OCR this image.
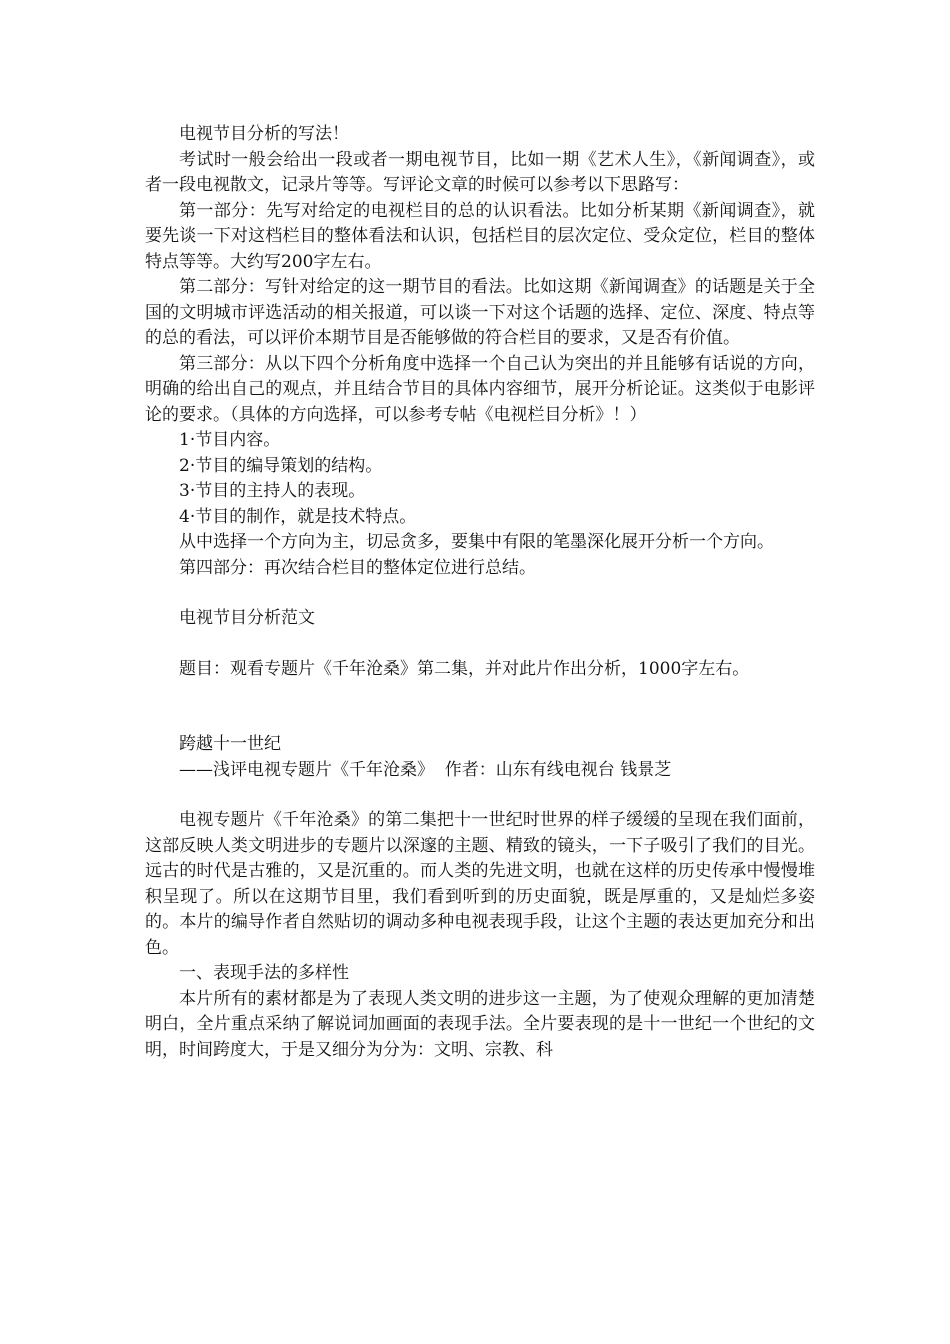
电视节目分析的写法！

考试时一般会给出一段或者一期电视节目，比如一期《艺术人生》，《新闻调查》，或者一段电视散文，记录片等等。写评论文章的时候可以参考以下思路写：

第一部分：先写对给定的电视栏目的总的认识看法。比如分析某期《新闻调查》，就要先谈一下对这档栏目的整体看法和认识，包括栏目的层次定位、受众定位，栏目的整体特点等等。大约写200字左右。

第二部分：写针对给定的这一期节目的看法。比如这期《新闻调查》的话题是关于全国的文明城市评选活动的相关报道，可以谈一下对这个话题的选择、定位、深度、特点等的总的看法，可以评价本期节目是否能够做的符合栏目的要求，又是否有价值。

第三部分：从以下四个分析角度中选择一个自己认为突出的并且能够有话说的方向，明确的给出自己的观点，并且结合节目的具体内容细节，展开分析论证。这类似于电影评论的要求。（具体的方向选择，可以参考专帖《电视栏目分析》！）

1·节目内容。

2·节目的编导策划的结构。

3·节目的主持人的表现。

4·节目的制作，就是技术特点。

从中选择一个方向为主，切忌贪多，要集中有限的笔墨深化展开分析一个方向。

第四部分：再次结合栏目的整体定位进行总结。

电视节目分析范文

题目：观看专题片《千年沧桑》第二集，并对此片作出分析，1000字左右。

跨越十一世纪

——浅评电视专题片《千年沧桑》  作者：山东有线电视台 钱景芝

电视专题片《千年沧桑》的第二集把十一世纪时世界的样子缓缓的呈现在我们面前，这部反映人类文明进步的专题片以深邃的主题、精致的镜头，一下子吸引了我们的目光。远古的时代是古雅的，又是沉重的。而人类的先进文明，也就在这样的历史传承中慢慢堆积呈现了。所以在这期节目里，我们看到听到的历史面貌，既是厚重的，又是灿烂多姿的。本片的编导作者自然贴切的调动多种电视表现手段，让这个主题的表达更加充分和出色。

一、表现手法的多样性

本片所有的素材都是为了表现人类文明的进步这一主题，为了使观众理解的更加清楚明白，全片重点采纳了解说词加画面的表现手法。全片要表现的是十一世纪一个世纪的文明，时间跨度大，于是又细分为分为：文明、宗教、科
